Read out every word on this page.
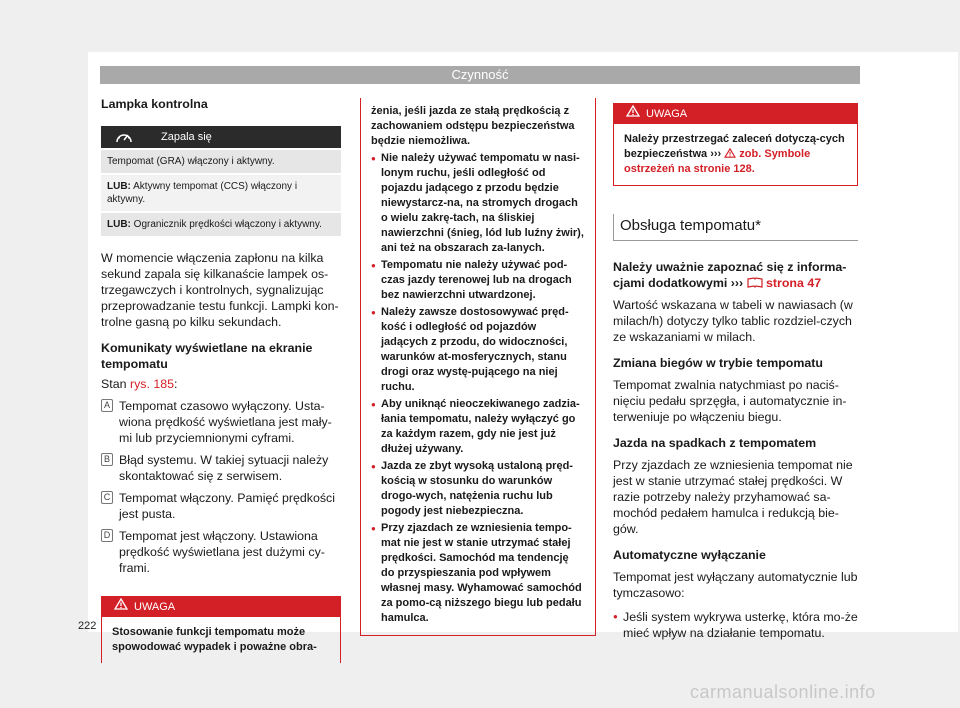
Czynność
Lampka kontrolna
Zapala się
Tempomat (GRA) włączony i aktywny.
LUB: Aktywny tempomat (CCS) włączony i aktywny.
LUB: Ogranicznik prędkości włączony i aktywny.

W momencie włączenia zapłonu na kilka sekund zapala się kilkanaście lampek os-trzegawczych i kontrolnych, sygnalizując przeprowadzanie testu funkcji. Lampki kon-trolne gasną po kilku sekundach.

Komunikaty wyświetlane na ekranie tempomatu

Stan rys. 185:

A Tempomat czasowo wyłączony. Usta-wiona prędkość wyświetlana jest mały-mi lub przyciemnionymi cyframi.
B Błąd systemu. W takiej sytuacji należy skontaktować się z serwisem.
C Tempomat włączony. Pamięć prędkości jest pusta.
D Tempomat jest włączony. Ustawiona prędkość wyświetlana jest dużymi cy-frami.
UWAGA
Stosowanie funkcji tempomatu może spowodować wypadek i poważne obra-

żenia, jeśli jazda ze stałą prędkością z zachowaniem odstępu bezpieczeństwa będzie niemożliwa.

● Nie należy używać tempomatu w nasi-lonym ruchu, jeśli odległość od pojazdu jadącego z przodu będzie niewystarcz-na, na stromych drogach o wielu zakrę-tach, na śliskiej nawierzchni (śnieg, lód lub luźny żwir), ani też na obszarach za-lanych.

● Tempomatu nie należy używać pod-czas jazdy terenowej lub na drogach bez nawierzchni utwardzonej.

● Należy zawsze dostosowywać pręd-kość i odległość od pojazdów jadących z przodu, do widoczności, warunków at-mosferycznych, stanu drogi oraz wystę-pującego na niej ruchu.

● Aby uniknąć nieoczekiwanego zadzia-łania tempomatu, należy wyłączyć go za każdym razem, gdy nie jest już dłużej używany.

● Jazda ze zbyt wysoką ustaloną pręd-kością w stosunku do warunków drogo-wych, natężenia ruchu lub pogody jest niebezpieczna.

● Przy zjazdach ze wzniesienia tempo-mat nie jest w stanie utrzymać stałej prędkości. Samochód ma tendencję do przyspieszania pod wpływem własnej masy. Wyhamować samochód za pomo-cą niższego biegu lub pedału hamulca.

UWAGA
Należy przestrzegać zaleceń dotyczą-cych bezpieczeństwa ›››  zob. Symbole ostrzeżeń na stronie 128.
Obsługa tempomatu*

Należy uważnie zapoznać się z informa-cjami dodatkowymi ›››  strona 47

Wartość wskazana w tabeli w nawiasach (w milach/h) dotyczy tylko tablic rozdziel-czych ze wskazaniami w milach.

Zmiana biegów w trybie tempomatu

Tempomat zwalnia natychmiast po naciś-nięciu pedału sprzęgła, i automatycznie in-terweniuje po włączeniu biegu.

Jazda na spadkach z tempomatem

Przy zjazdach ze wzniesienia tempomat nie jest w stanie utrzymać stałej prędkości. W razie potrzeby należy przyhamować sa-mochód pedałem hamulca i redukcją bie-gów.

Automatyczne wyłączanie

Tempomat jest wyłączany automatycznie lub tymczasowo:

● Jeśli system wykrywa usterkę, która mo-że mieć wpływ na działanie tempomatu.

222
carmanualsonline.info
